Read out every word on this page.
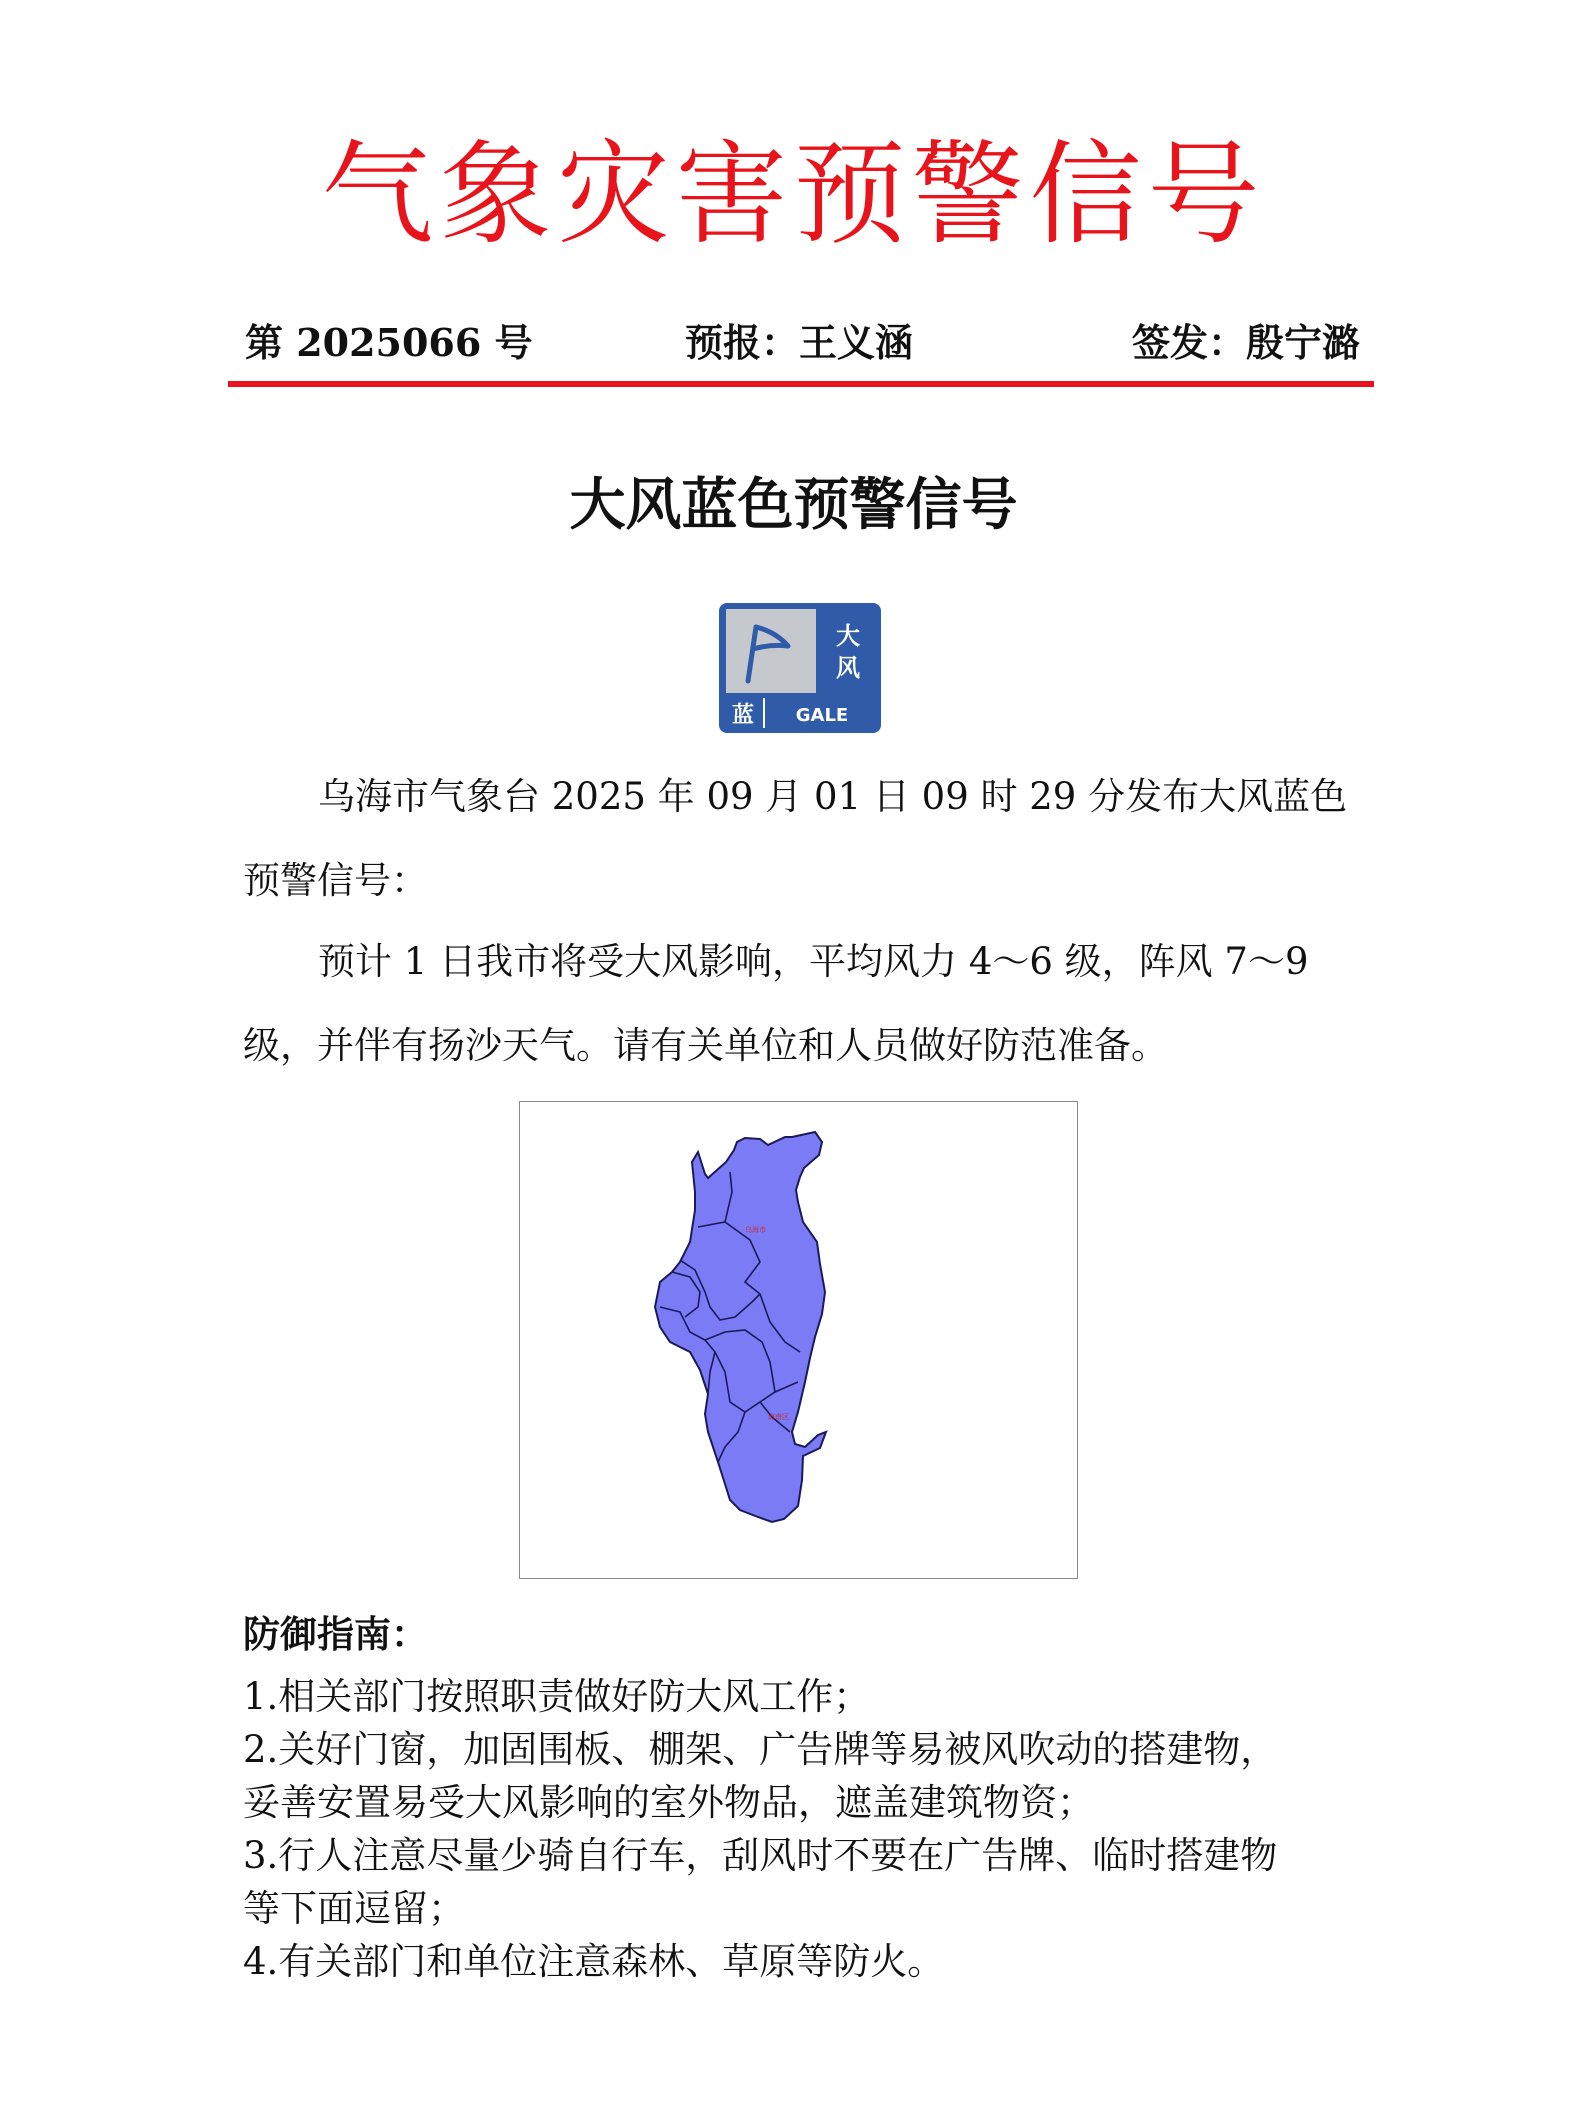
气象灾害预警信号
第 2025066 号	预报：王义涵	签发：殷宁潞
大风蓝色预警信号
大
风
蓝 GALE
乌海市气象台 2025 年 09 月 01 日 09 时 29 分发布大风蓝色
预警信号：
预计 1 日我市将受大风影响，平均风力 4～6 级，阵风 7～9
级，并伴有扬沙天气。请有关单位和人员做好防范准备。
乌海市
海南区
防御指南：
1.相关部门按照职责做好防大风工作；
2.关好门窗，加固围板、棚架、广告牌等易被风吹动的搭建物，
妥善安置易受大风影响的室外物品，遮盖建筑物资；
3.行人注意尽量少骑自行车，刮风时不要在广告牌、临时搭建物
等下面逗留；
4.有关部门和单位注意森林、草原等防火。
